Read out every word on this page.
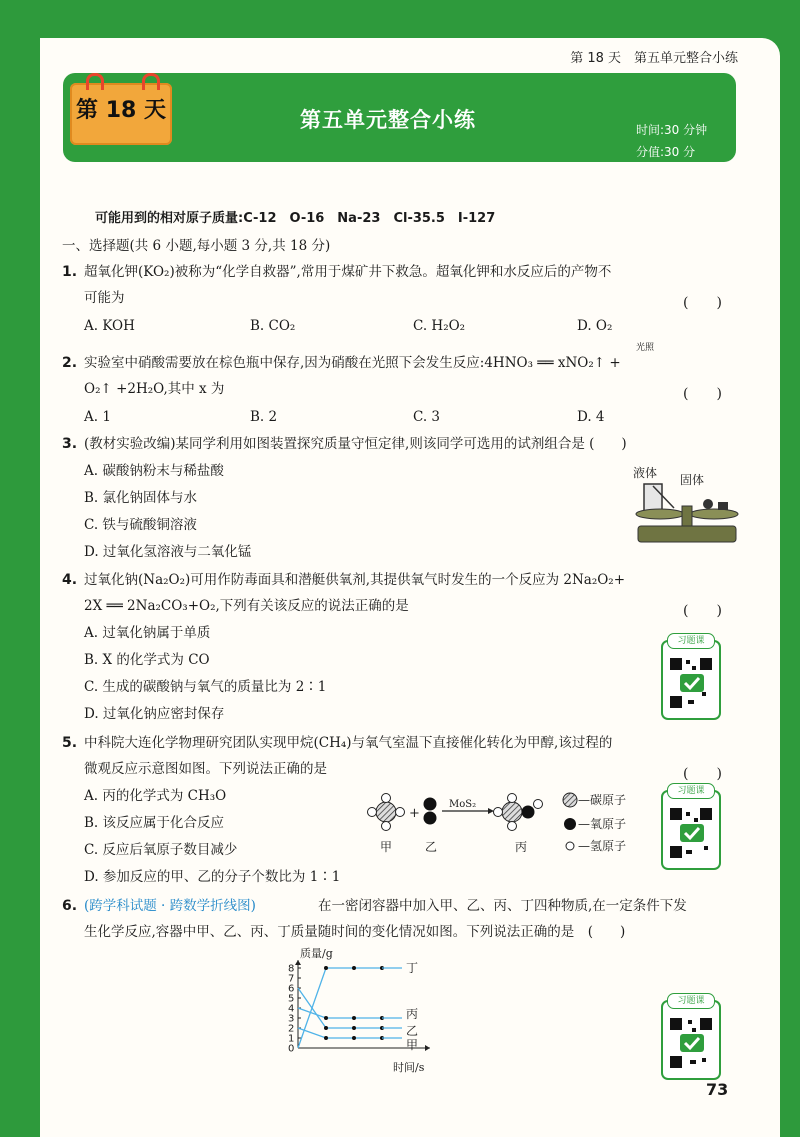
第 18 天　第五单元整合小练
第 18 天	第五单元整合小练	时间:30 分钟
分值:30 分
可能用到的相对原子质量:C-12　O-16　Na-23　Cl-35.5　I-127
一、选择题(共 6 小题,每小题 3 分,共 18 分)
1. 超氧化钾(KO₂)被称为“化学自救器”,常用于煤矿井下救急。超氧化钾和水反应后的产物不
可能为	(　　)
A. KOH	B. CO₂	C. H₂O₂	D. O₂
2. 实验室中硝酸需要放在棕色瓶中保存,因为硝酸在光照下会发生反应:4HNO₃ ══ xNO₂↑ +
光照
O₂↑ +2H₂O,其中 x 为	(　　)
A. 1	B. 2	C. 3	D. 4
3. (教材实验改编)某同学利用如图装置探究质量守恒定律,则该同学可选用的试剂组合是 (　　)
A. 碳酸钠粉末与稀盐酸
B. 氯化钠固体与水
C. 铁与硫酸铜溶液
D. 过氧化氢溶液与二氧化锰
液体 固体
4. 过氧化钠(Na₂O₂)可用作防毒面具和潜艇供氧剂,其提供氧气时发生的一个反应为 2Na₂O₂+
2X ══ 2Na₂CO₃+O₂,下列有关该反应的说法正确的是	(　　)
A. 过氧化钠属于单质
B. X 的化学式为 CO
C. 生成的碳酸钠与氧气的质量比为 2∶1
D. 过氧化钠应密封保存
习题课
5. 中科院大连化学物理研究团队实现甲烷(CH₄)与氧气室温下直接催化转化为甲醇,该过程的
微观反应示意图如图。下列说法正确的是	(　　)
A. 丙的化学式为 CH₃O
B. 该反应属于化合反应
C. 反应后氧原子数目减少
D. 参加反应的甲、乙的分子个数比为 1∶1
+
MoS₂
甲	乙	丙
—碳原子
—氧原子
—氢原子
习题课
6. (跨学科试题 · 跨数学折线图)	在一密闭容器中加入甲、乙、丙、丁四种物质,在一定条件下发
生化学反应,容器中甲、乙、丙、丁质量随时间的变化情况如图。下列说法正确的是　(　　)
0
1
2
3
4
5
6
7
8	丁
丙
乙
甲
质量/g
时间/s
习题课
73
